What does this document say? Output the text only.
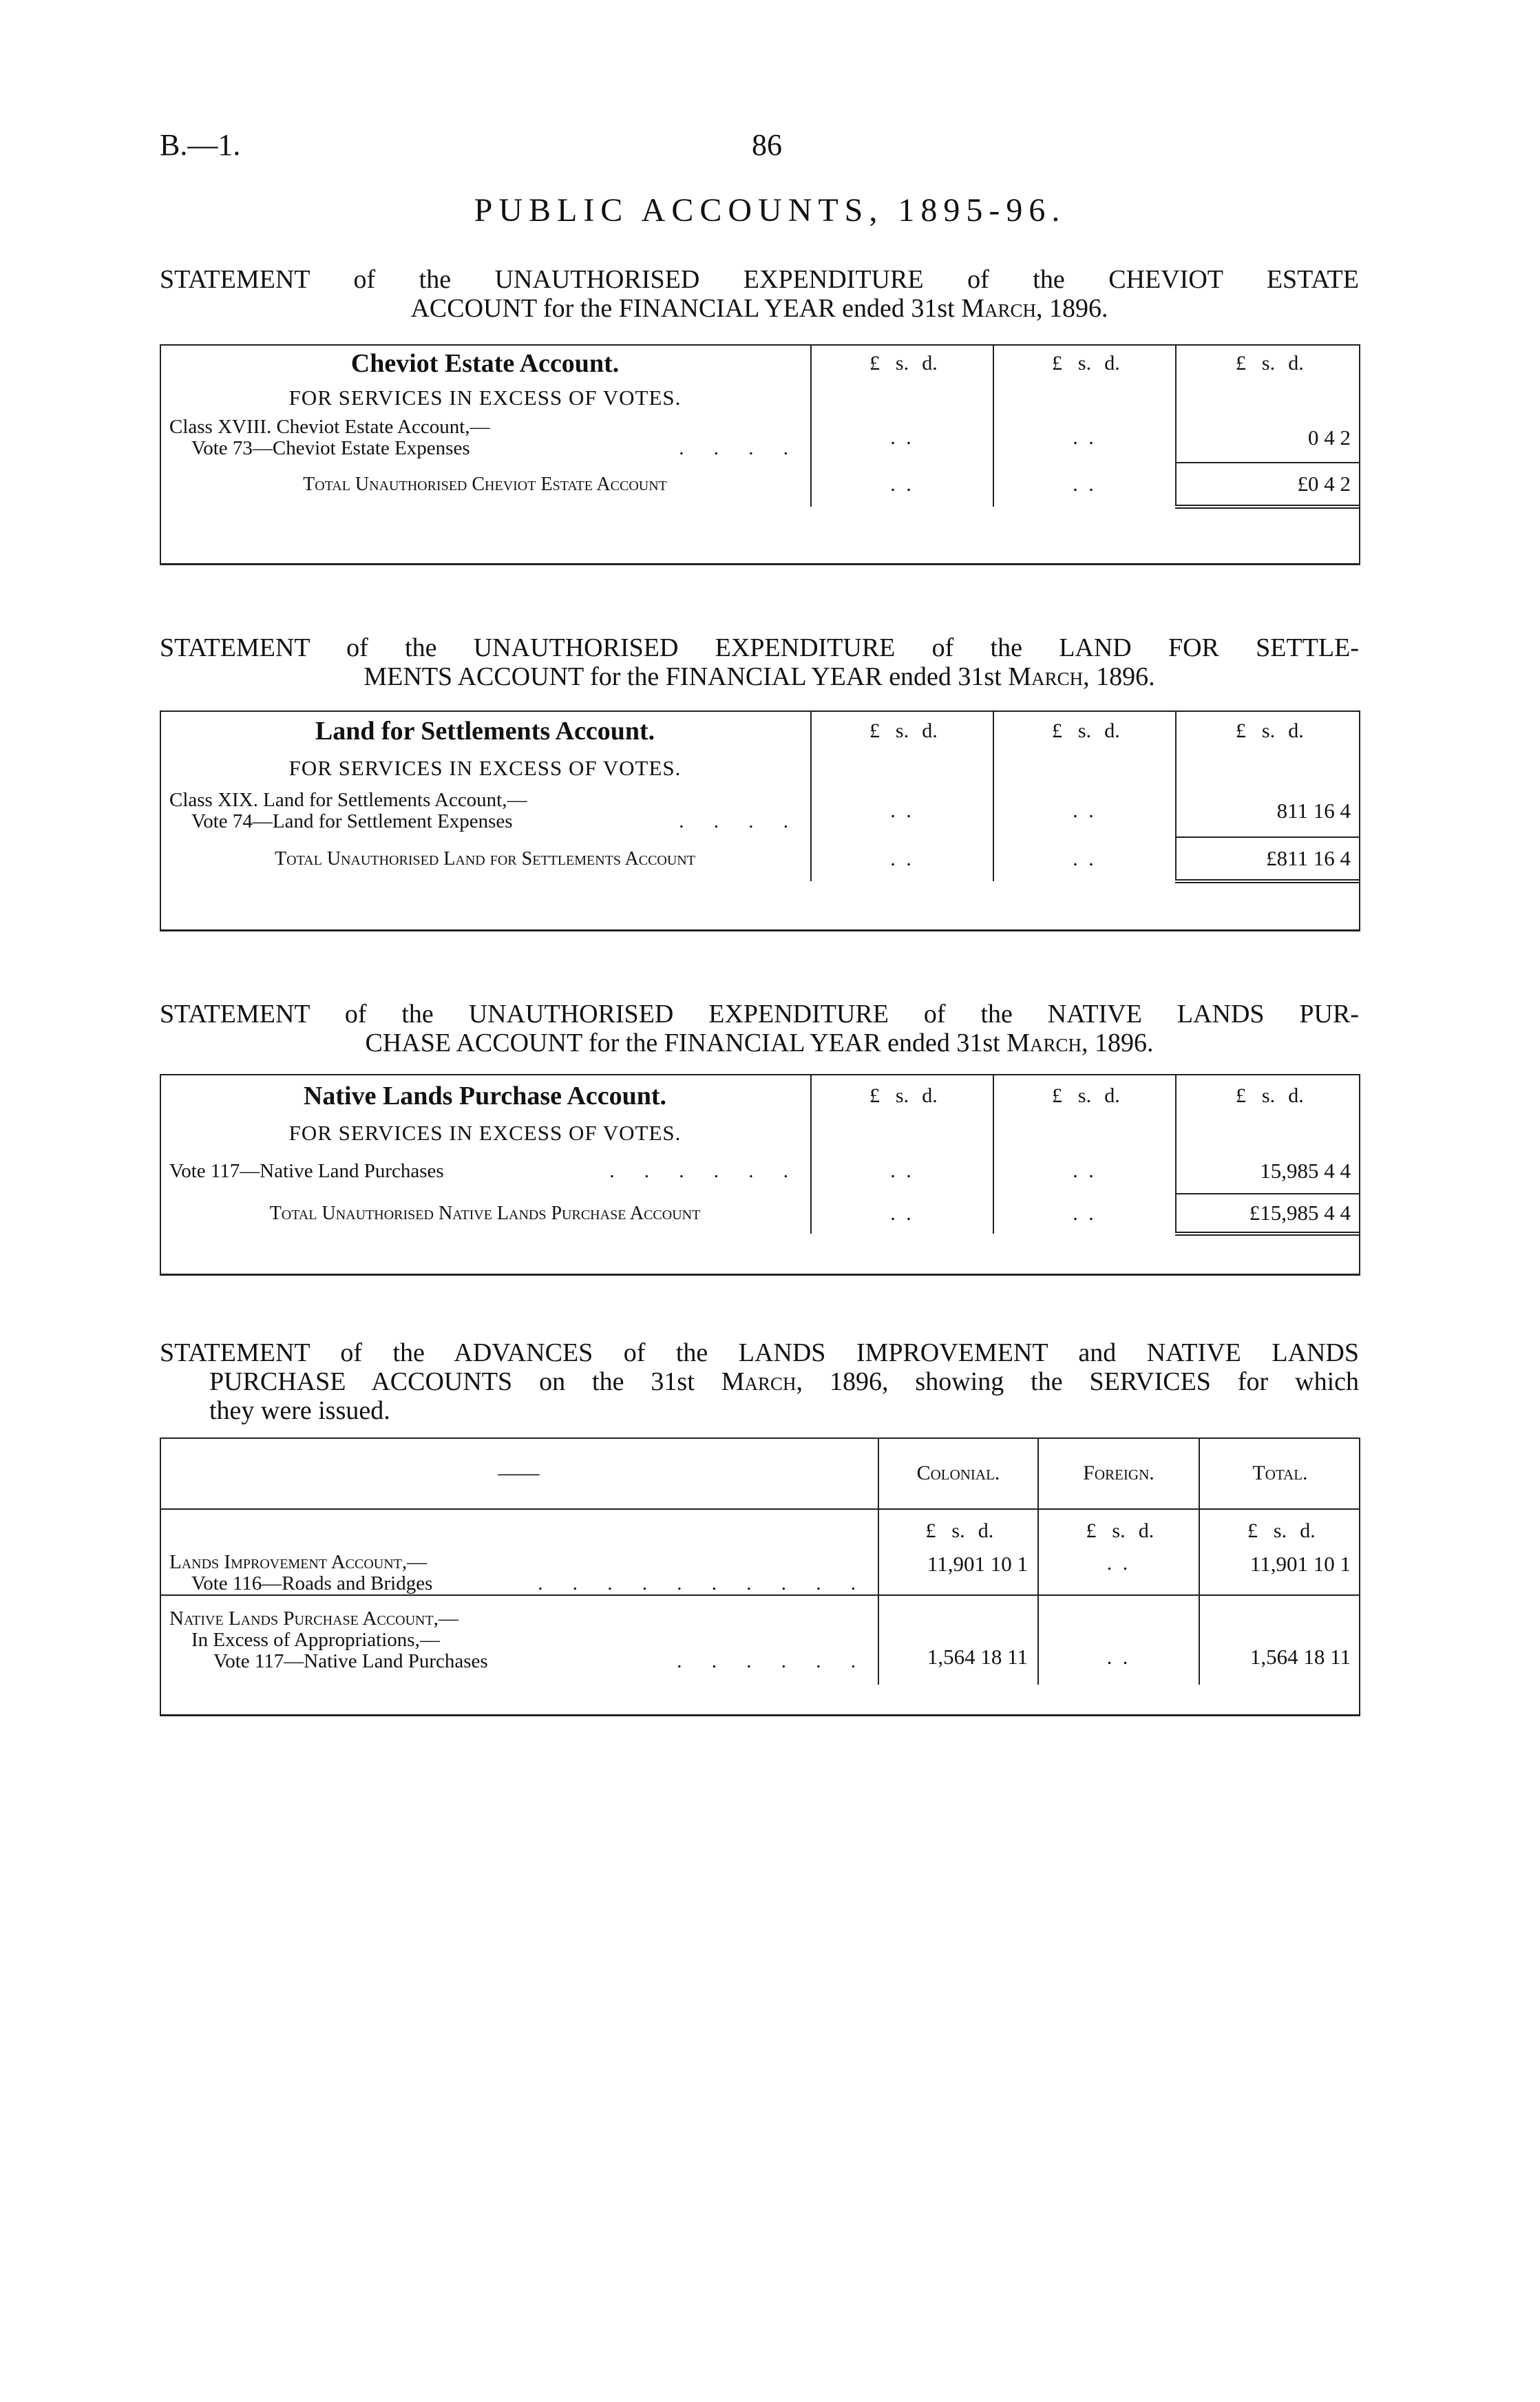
B.—1.	86
PUBLIC ACCOUNTS, 1895-96.
STATEMENT of the UNAUTHORISED EXPENDITURE of the CHEVIOT ESTATE
ACCOUNT for the FINANCIAL YEAR ended 31st March, 1896.
Cheviot Estate Account.	£ s. d.	£ s. d.	£ s. d.
FOR SERVICES IN EXCESS OF VOTES.			

Class XVIII. Cheviot Estate Account,—
Vote 73—Cheviot Estate Expenses . . . .	. .	. .	0 4 2
Total Unauthorised Cheviot Estate Account	. .	. .	£0 4 2
STATEMENT of the UNAUTHORISED EXPENDITURE of the LAND FOR SETTLE-
MENTS ACCOUNT for the FINANCIAL YEAR ended 31st March, 1896.
Land for Settlements Account.	£ s. d.	£ s. d.	£ s. d.
FOR SERVICES IN EXCESS OF VOTES.			

Class XIX. Land for Settlements Account,—
Vote 74—Land for Settlement Expenses . . . .	. .	. .	811 16 4
Total Unauthorised Land for Settlements Account	. .	. .	£811 16 4
STATEMENT of the UNAUTHORISED EXPENDITURE of the NATIVE LANDS PUR-
CHASE ACCOUNT for the FINANCIAL YEAR ended 31st March, 1896.
Native Lands Purchase Account.	£ s. d.	£ s. d.	£ s. d.
FOR SERVICES IN EXCESS OF VOTES.			

Vote 117—Native Land Purchases . . . . . .	. .	. .	15,985 4 4
Total Unauthorised Native Lands Purchase Account	. .	. .	£15,985 4 4
STATEMENT of the ADVANCES of the LANDS IMPROVEMENT and NATIVE LANDS
PURCHASE ACCOUNTS on the 31st March, 1896, showing the SERVICES for which
they were issued.
——	Colonial.	Foreign.	Total.
	£ s. d.	£ s. d.	£ s. d.

Lands Improvement Account,—
Vote 116—Roads and Bridges . . . . . . . . . .	11,901 10 1	. .	11,901 10 1

Native Lands Purchase Account,—
In Excess of Appropriations,—
Vote 117—Native Land Purchases . . . . . .	1,564 18 11	. .	1,564 18 11
